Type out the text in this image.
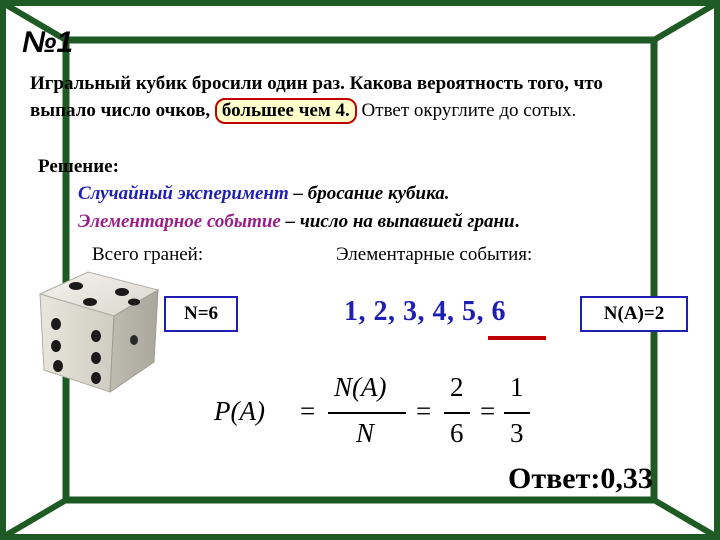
№1
Игральный кубик бросили один раз. Какова вероятность того, что выпало число очков, большее чем 4. Ответ округлите до сотых.
Решение:
Случайный эксперимент – бросание кубика.
Элементарное событие – число на выпавшей грани.
Всего граней:	Элементарные события:
N=6	1, 2, 3, 4, 5, 6	N(A)=2
P(A) =
N(A)
N
=
2
6
=
1
3
Ответ:0,33
